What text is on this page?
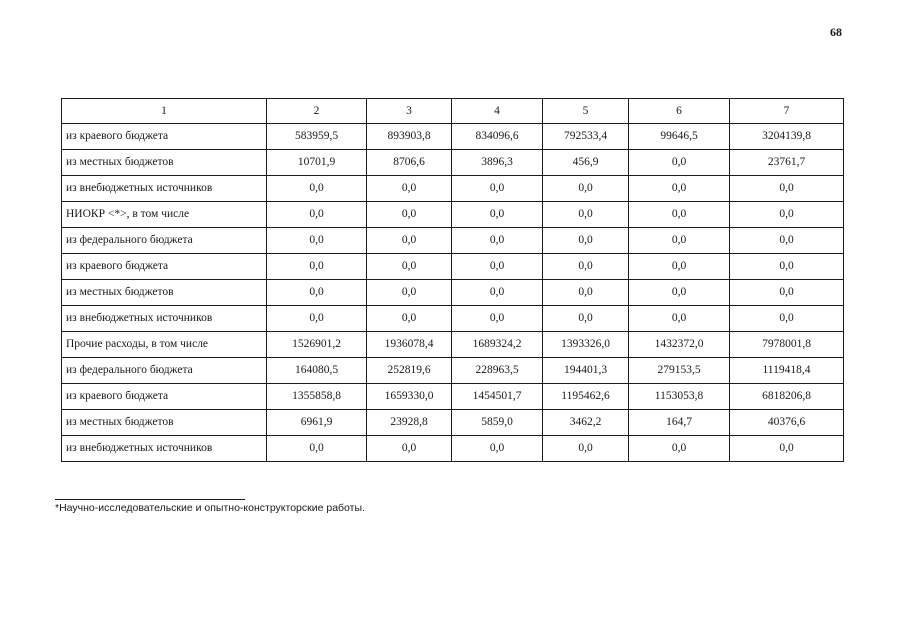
68
1	2	3	4	5	6	7
из краевого бюджета	583959,5	893903,8	834096,6	792533,4	99646,5	3204139,8
из местных бюджетов	10701,9	8706,6	3896,3	456,9	0,0	23761,7
из внебюджетных источников	0,0	0,0	0,0	0,0	0,0	0,0
НИОКР <*>, в том числе	0,0	0,0	0,0	0,0	0,0	0,0
из федерального бюджета	0,0	0,0	0,0	0,0	0,0	0,0
из краевого бюджета	0,0	0,0	0,0	0,0	0,0	0,0
из местных бюджетов	0,0	0,0	0,0	0,0	0,0	0,0
из внебюджетных источников	0,0	0,0	0,0	0,0	0,0	0,0
Прочие расходы, в том числе	1526901,2	1936078,4	1689324,2	1393326,0	1432372,0	7978001,8
из федерального бюджета	164080,5	252819,6	228963,5	194401,3	279153,5	1119418,4
из краевого бюджета	1355858,8	1659330,0	1454501,7	1195462,6	1153053,8	6818206,8
из местных бюджетов	6961,9	23928,8	5859,0	3462,2	164,7	40376,6
из внебюджетных источников	0,0	0,0	0,0	0,0	0,0	0,0
*Научно-исследовательские и опытно-конструкторские работы.
